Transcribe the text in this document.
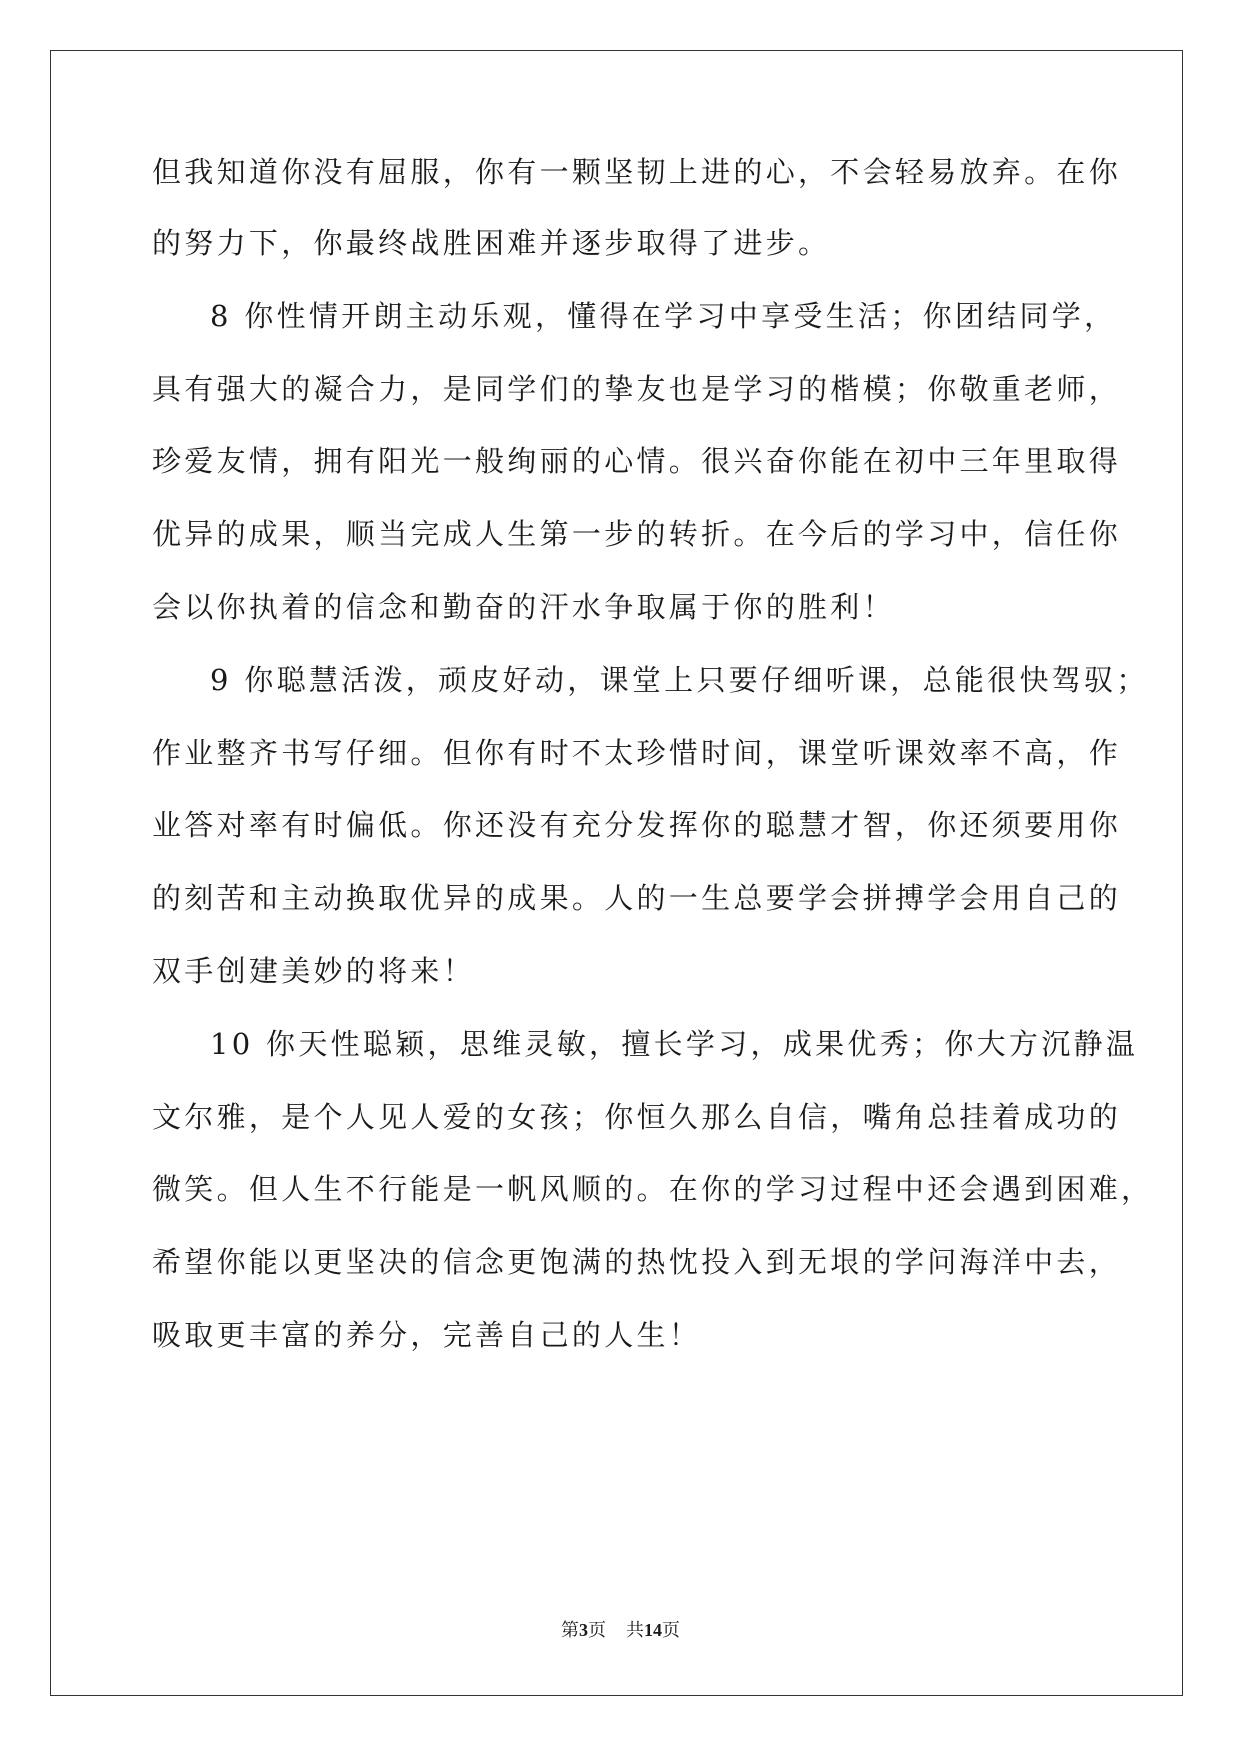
但我知道你没有屈服，你有一颗坚韧上进的心，不会轻易放弃。在你
的努力下，你最终战胜困难并逐步取得了进步。
8 你性情开朗主动乐观，懂得在学习中享受生活；你团结同学，
具有强大的凝合力，是同学们的挚友也是学习的楷模；你敬重老师，
珍爱友情，拥有阳光一般绚丽的心情。很兴奋你能在初中三年里取得
优异的成果，顺当完成人生第一步的转折。在今后的学习中，信任你
会以你执着的信念和勤奋的汗水争取属于你的胜利！
9 你聪慧活泼，顽皮好动，课堂上只要仔细听课，总能很快驾驭；
作业整齐书写仔细。但你有时不太珍惜时间，课堂听课效率不高，作
业答对率有时偏低。你还没有充分发挥你的聪慧才智，你还须要用你
的刻苦和主动换取优异的成果。人的一生总要学会拼搏学会用自己的
双手创建美妙的将来！
10 你天性聪颖，思维灵敏，擅长学习，成果优秀；你大方沉静温
文尔雅，是个人见人爱的女孩；你恒久那么自信，嘴角总挂着成功的
微笑。但人生不行能是一帆风顺的。在你的学习过程中还会遇到困难，
希望你能以更坚决的信念更饱满的热忱投入到无垠的学问海洋中去，
吸取更丰富的养分，完善自己的人生！
第3页 共14页
